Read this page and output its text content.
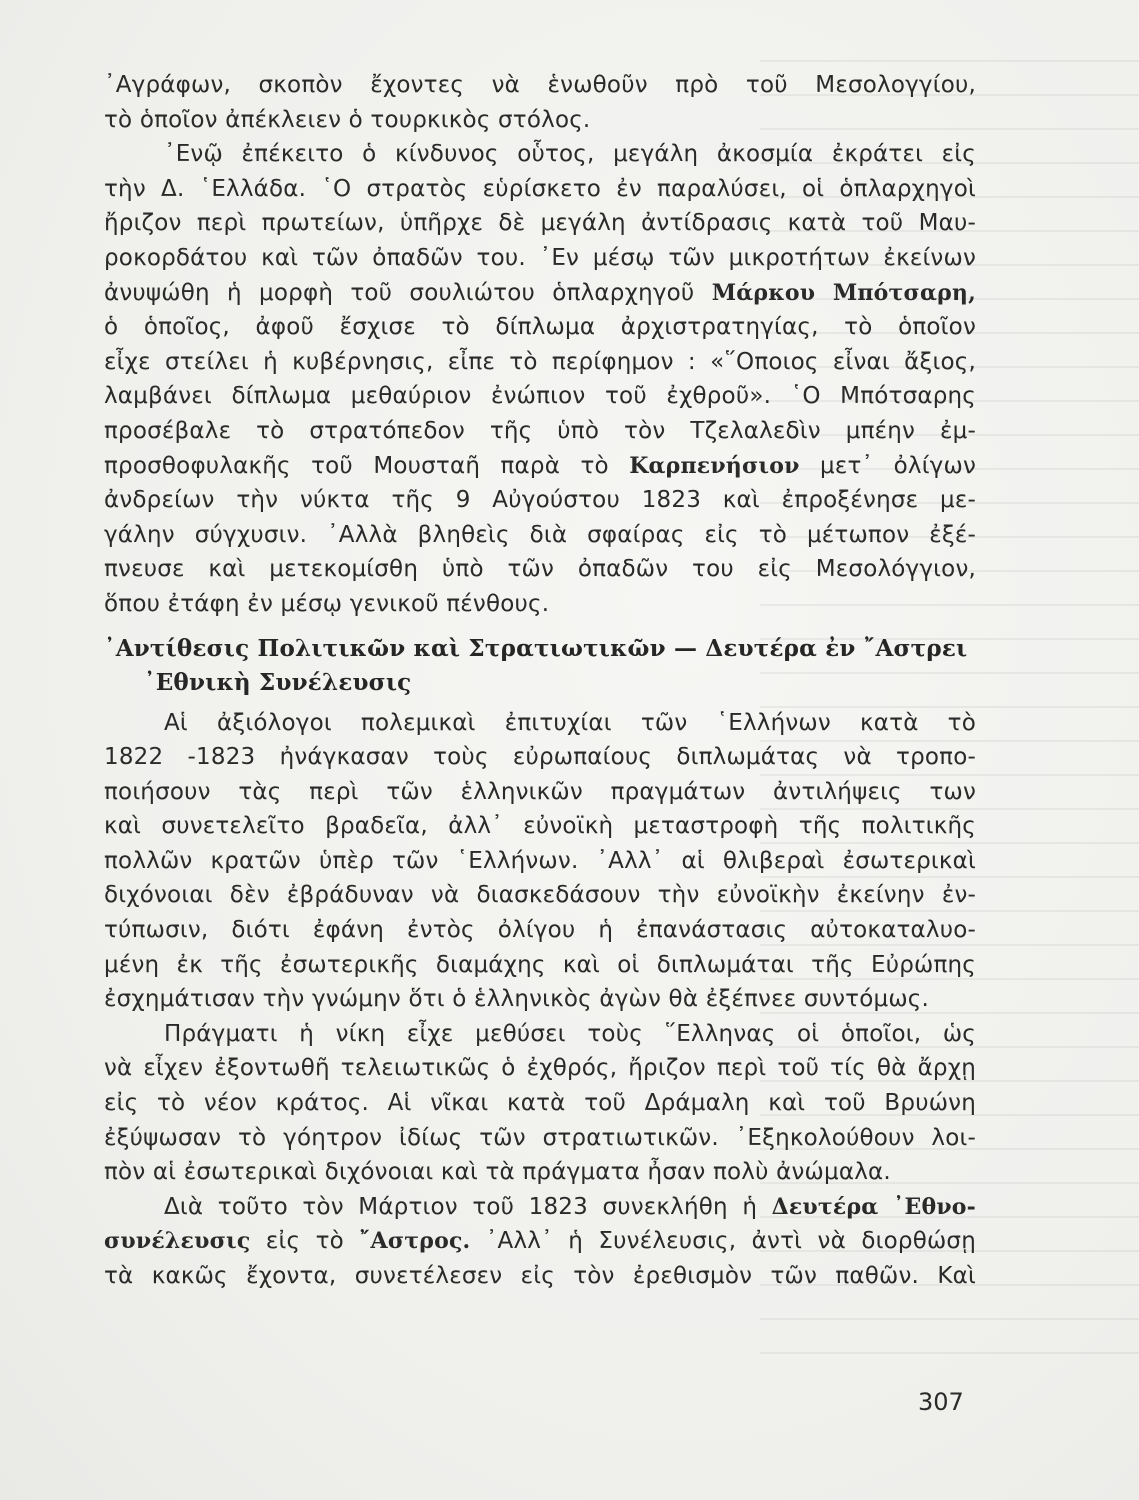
᾿Αγράφων, σκοπὸν ἔχοντες νὰ ἑνωθοῦν πρὸ τοῦ Μεσολογγίου,
τὸ ὁποῖον ἀπέκλειεν ὁ τουρκικὸς στόλος.

᾿Ενῷ ἐπέκειτο ὁ κίνδυνος οὗτος, μεγάλη ἀκοσμία ἐκράτει εἰς
τὴν Δ. ῾Ελλάδα. ῾Ο στρατὸς εὑρίσκετο ἐν παραλύσει, οἱ ὁπλαρχηγοὶ
ἤριζον περὶ πρωτείων, ὑπῆρχε δὲ μεγάλη ἀντίδρασις κατὰ τοῦ Μαυ-
ροκορδάτου καὶ τῶν ὀπαδῶν του. ᾿Εν μέσῳ τῶν μικροτήτων ἐκείνων
ἀνυψώθη ἡ μορφὴ τοῦ σουλιώτου ὁπλαρχηγοῦ Μάρκου Μπότσαρη,
ὁ ὁποῖος, ἀφοῦ ἔσχισε τὸ δίπλωμα ἀρχιστρατηγίας, τὸ ὁποῖον
εἶχε στείλει ἡ κυβέρνησις, εἶπε τὸ περίφημον : «῞Οποιος εἶναι ἄξιος,
λαμβάνει δίπλωμα μεθαύριον ἐνώπιον τοῦ ἐχθροῦ». ῾Ο Μπότσαρης
προσέβαλε τὸ στρατόπεδον τῆς ὑπὸ τὸν Τζελαλεδὶν μπέην ἐμ-
προσθοφυλακῆς τοῦ Μουσταῆ παρὰ τὸ Καρπενήσιον μετ᾿ ὀλίγων
ἀνδρείων τὴν νύκτα τῆς 9 Αὐγούστου 1823 καὶ ἐπροξένησε με-
γάλην σύγχυσιν. ᾿Αλλὰ βληθεὶς διὰ σφαίρας εἰς τὸ μέτωπον ἐξέ-
πνευσε καὶ μετεκομίσθη ὑπὸ τῶν ὀπαδῶν του εἰς Μεσολόγγιον,
ὅπου ἐτάφη ἐν μέσῳ γενικοῦ πένθους.

᾿Αντίθεσις Πολιτικῶν καὶ Στρατιωτικῶν — Δευτέρα ἐν ῎Αστρει
᾿Εθνικὴ Συνέλευσις

Αἱ ἀξιόλογοι πολεμικαὶ ἐπιτυχίαι τῶν ῾Ελλήνων κατὰ τὸ
1822 -1823 ἠνάγκασαν τοὺς εὐρωπαίους διπλωμάτας νὰ τροπο-
ποιήσουν τὰς περὶ τῶν ἑλληνικῶν πραγμάτων ἀντιλήψεις των
καὶ συνετελεῖτο βραδεῖα, ἀλλ᾿ εὐνοϊκὴ μεταστροφὴ τῆς πολιτικῆς
πολλῶν κρατῶν ὑπὲρ τῶν ῾Ελλήνων. ᾿Αλλ᾿ αἱ θλιβεραὶ ἐσωτερικαὶ
διχόνοιαι δὲν ἐβράδυναν νὰ διασκεδάσουν τὴν εὐνοϊκὴν ἐκείνην ἐν-
τύπωσιν, διότι ἐφάνη ἐντὸς ὀλίγου ἡ ἐπανάστασις αὐτοκαταλυο-
μένη ἐκ τῆς ἐσωτερικῆς διαμάχης καὶ οἱ διπλωμάται τῆς Εὐρώπης
ἐσχημάτισαν τὴν γνώμην ὅτι ὁ ἑλληνικὸς ἀγὼν θὰ ἐξέπνεε συντόμως.

Πράγματι ἡ νίκη εἶχε μεθύσει τοὺς ῞Ελληνας οἱ ὁποῖοι, ὡς
νὰ εἶχεν ἐξοντωθῆ τελειωτικῶς ὁ ἐχθρός, ἤριζον περὶ τοῦ τίς θὰ ἄρχῃ
εἰς τὸ νέον κράτος. Αἱ νῖκαι κατὰ τοῦ Δράμαλη καὶ τοῦ Βρυώνη
ἐξύψωσαν τὸ γόητρον ἰδίως τῶν στρατιωτικῶν. ᾿Εξηκολούθουν λοι-
πὸν αἱ ἐσωτερικαὶ διχόνοιαι καὶ τὰ πράγματα ἦσαν πολὺ ἀνώμαλα.

Διὰ τοῦτο τὸν Μάρτιον τοῦ 1823 συνεκλήθη ἡ Δευτέρα ᾿Εθνο-
συνέλευσις εἰς τὸ ῎Αστρος. ᾿Αλλ᾿ ἡ Συνέλευσις, ἀντὶ νὰ διορθώσῃ
τὰ κακῶς ἔχοντα, συνετέλεσεν εἰς τὸν ἐρεθισμὸν τῶν παθῶν. Καὶ

307
